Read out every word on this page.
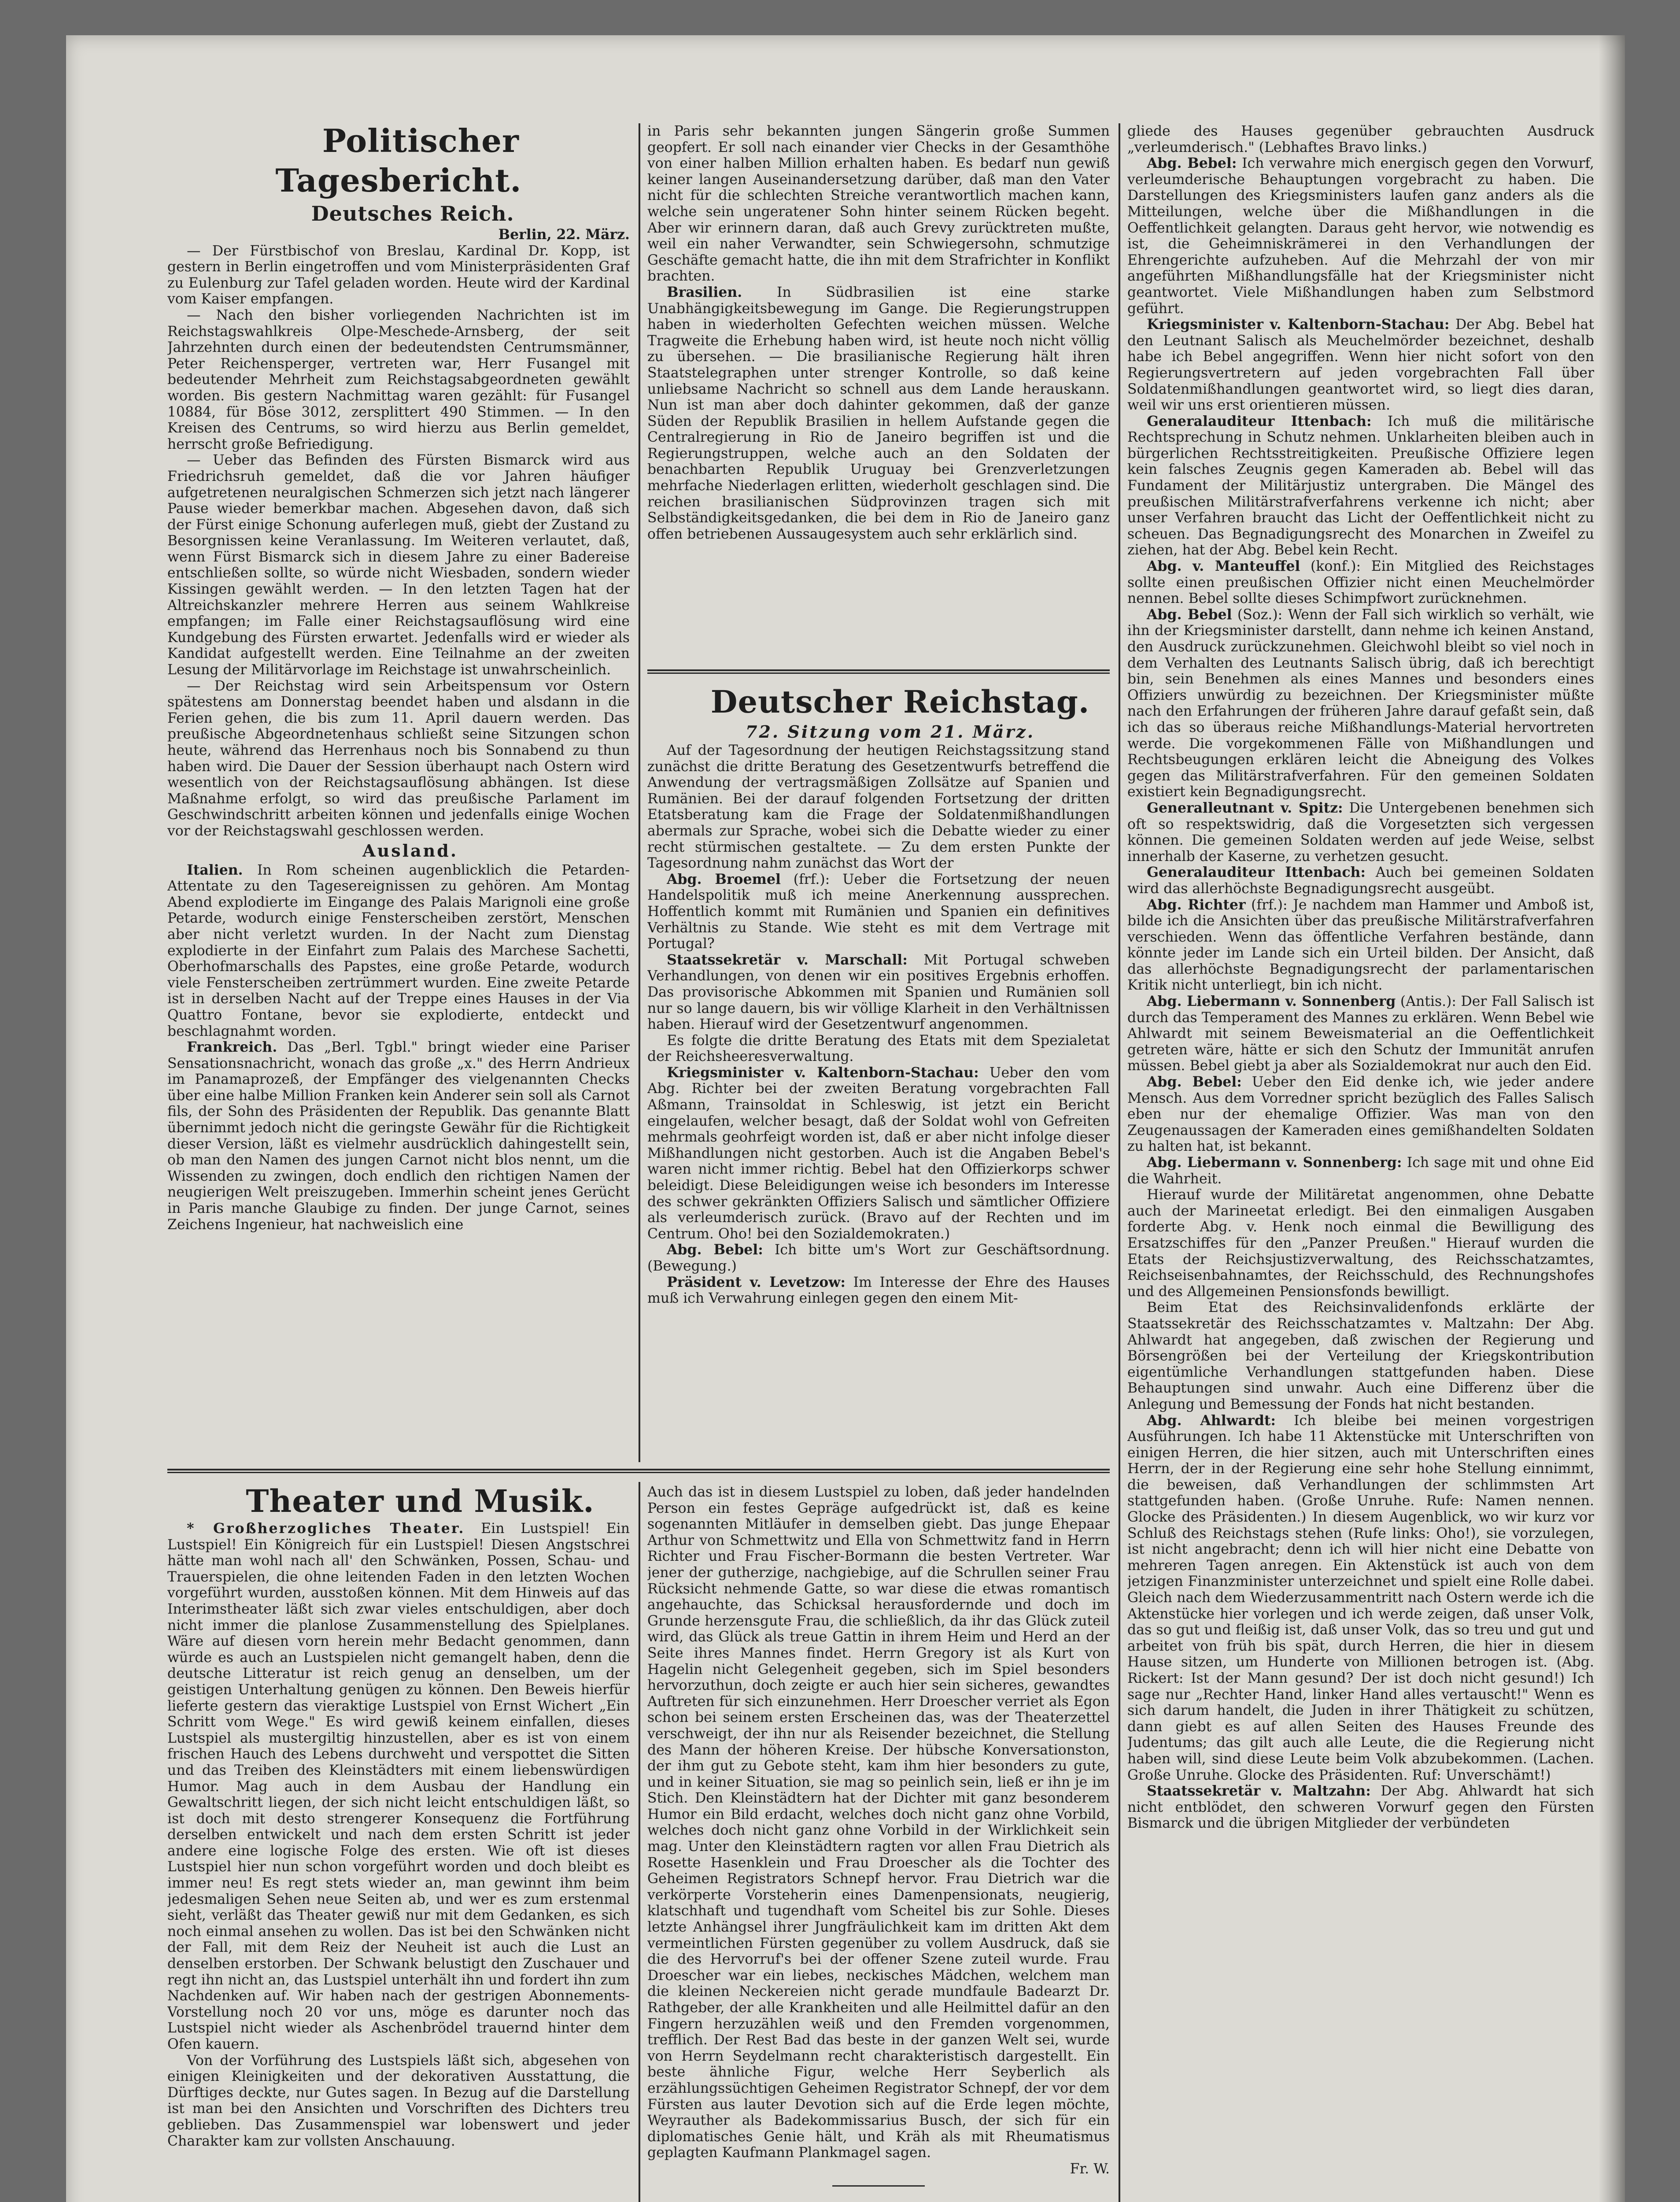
Politischer Tagesbericht.

Deutsches Reich.

Berlin, 22. März.

— Der Fürstbischof von Breslau, Kardinal Dr. Kopp, ist gestern in Berlin eingetroffen und vom Ministerpräsidenten Graf zu Eulenburg zur Tafel geladen worden. Heute wird der Kardinal vom Kaiser empfangen.

— Nach den bisher vorliegenden Nachrichten ist im Reichstagswahlkreis Olpe-Meschede-Arnsberg, der seit Jahrzehnten durch einen der bedeutendsten Centrumsmänner, Peter Reichensperger, vertreten war, Herr Fusangel mit bedeutender Mehrheit zum Reichstagsabgeordneten gewählt worden. Bis gestern Nachmittag waren gezählt: für Fusangel 10884, für Böse 3012, zersplittert 490 Stimmen. — In den Kreisen des Centrums, so wird hierzu aus Berlin gemeldet, herrscht große Befriedigung.

— Ueber das Befinden des Fürsten Bismarck wird aus Friedrichsruh gemeldet, daß die vor Jahren häufiger aufgetretenen neuralgischen Schmerzen sich jetzt nach längerer Pause wieder bemerkbar machen. Abgesehen davon, daß sich der Fürst einige Schonung auferlegen muß, giebt der Zustand zu Besorgnissen keine Veranlassung. Im Weiteren verlautet, daß, wenn Fürst Bismarck sich in diesem Jahre zu einer Badereise entschließen sollte, so würde nicht Wiesbaden, sondern wieder Kissingen gewählt werden. — In den letzten Tagen hat der Altreichskanzler mehrere Herren aus seinem Wahlkreise empfangen; im Falle einer Reichstagsauflösung wird eine Kundgebung des Fürsten erwartet. Jedenfalls wird er wieder als Kandidat aufgestellt werden. Eine Teilnahme an der zweiten Lesung der Militärvorlage im Reichstage ist unwahrscheinlich.

— Der Reichstag wird sein Arbeitspensum vor Ostern spätestens am Donnerstag beendet haben und alsdann in die Ferien gehen, die bis zum 11. April dauern werden. Das preußische Abgeordnetenhaus schließt seine Sitzungen schon heute, während das Herrenhaus noch bis Sonnabend zu thun haben wird. Die Dauer der Session überhaupt nach Ostern wird wesentlich von der Reichstagsauflösung abhängen. Ist diese Maßnahme erfolgt, so wird das preußische Parlament im Geschwindschritt arbeiten können und jedenfalls einige Wochen vor der Reichstagswahl geschlossen werden.

Ausland.

Italien. In Rom scheinen augenblicklich die Petarden-Attentate zu den Tagesereignissen zu gehören. Am Montag Abend explodierte im Eingange des Palais Marignoli eine große Petarde, wodurch einige Fensterscheiben zerstört, Menschen aber nicht verletzt wurden. In der Nacht zum Dienstag explodierte in der Einfahrt zum Palais des Marchese Sachetti, Oberhofmarschalls des Papstes, eine große Petarde, wodurch viele Fensterscheiben zertrümmert wurden. Eine zweite Petarde ist in derselben Nacht auf der Treppe eines Hauses in der Via Quattro Fontane, bevor sie explodierte, entdeckt und beschlagnahmt worden.

Frankreich. Das „Berl. Tgbl." bringt wieder eine Pariser Sensationsnachricht, wonach das große „x." des Herrn Andrieux im Panamaprozeß, der Empfänger des vielgenannten Checks über eine halbe Million Franken kein Anderer sein soll als Carnot fils, der Sohn des Präsidenten der Republik. Das genannte Blatt übernimmt jedoch nicht die geringste Gewähr für die Richtigkeit dieser Version, läßt es vielmehr ausdrücklich dahingestellt sein, ob man den Namen des jungen Carnot nicht blos nennt, um die Wissenden zu zwingen, doch endlich den richtigen Namen der neugierigen Welt preiszugeben. Immerhin scheint jenes Gerücht in Paris manche Glaubige zu finden. Der junge Carnot, seines Zeichens Ingenieur, hat nachweislich eine

in Paris sehr bekannten jungen Sängerin große Summen geopfert. Er soll nach einander vier Checks in der Gesamthöhe von einer halben Million erhalten haben. Es bedarf nun gewiß keiner langen Auseinandersetzung darüber, daß man den Vater nicht für die schlechten Streiche verantwortlich machen kann, welche sein ungeratener Sohn hinter seinem Rücken begeht. Aber wir erinnern daran, daß auch Grevy zurücktreten mußte, weil ein naher Verwandter, sein Schwiegersohn, schmutzige Geschäfte gemacht hatte, die ihn mit dem Strafrichter in Konflikt brachten.

Brasilien. In Südbrasilien ist eine starke Unabhängigkeitsbewegung im Gange. Die Regierungstruppen haben in wiederholten Gefechten weichen müssen. Welche Tragweite die Erhebung haben wird, ist heute noch nicht völlig zu übersehen. — Die brasilianische Regierung hält ihren Staatstelegraphen unter strenger Kontrolle, so daß keine unliebsame Nachricht so schnell aus dem Lande herauskann. Nun ist man aber doch dahinter gekommen, daß der ganze Süden der Republik Brasilien in hellem Aufstande gegen die Centralregierung in Rio de Janeiro begriffen ist und die Regierungstruppen, welche auch an den Soldaten der benachbarten Republik Uruguay bei Grenzverletzungen mehrfache Niederlagen erlitten, wiederholt geschlagen sind. Die reichen brasilianischen Südprovinzen tragen sich mit Selbständigkeitsgedanken, die bei dem in Rio de Janeiro ganz offen betriebenen Aussaugesystem auch sehr erklärlich sind.

Deutscher Reichstag.

72. Sitzung vom 21. März.

Auf der Tagesordnung der heutigen Reichstagssitzung stand zunächst die dritte Beratung des Gesetzentwurfs betreffend die Anwendung der vertragsmäßigen Zollsätze auf Spanien und Rumänien. Bei der darauf folgenden Fortsetzung der dritten Etatsberatung kam die Frage der Soldatenmißhandlungen abermals zur Sprache, wobei sich die Debatte wieder zu einer recht stürmischen gestaltete. — Zu dem ersten Punkte der Tagesordnung nahm zunächst das Wort der

Abg. Broemel (frf.): Ueber die Fortsetzung der neuen Handelspolitik muß ich meine Anerkennung aussprechen. Hoffentlich kommt mit Rumänien und Spanien ein definitives Verhältnis zu Stande. Wie steht es mit dem Vertrage mit Portugal?

Staatssekretär v. Marschall: Mit Portugal schweben Verhandlungen, von denen wir ein positives Ergebnis erhoffen. Das provisorische Abkommen mit Spanien und Rumänien soll nur so lange dauern, bis wir völlige Klarheit in den Verhältnissen haben. Hierauf wird der Gesetzentwurf angenommen.

Es folgte die dritte Beratung des Etats mit dem Spezialetat der Reichsheeresverwaltung.

Kriegsminister v. Kaltenborn-Stachau: Ueber den vom Abg. Richter bei der zweiten Beratung vorgebrachten Fall Aßmann, Trainsoldat in Schleswig, ist jetzt ein Bericht eingelaufen, welcher besagt, daß der Soldat wohl von Gefreiten mehrmals geohrfeigt worden ist, daß er aber nicht infolge dieser Mißhandlungen nicht gestorben. Auch ist die Angaben Bebel's waren nicht immer richtig. Bebel hat den Offizierkorps schwer beleidigt. Diese Beleidigungen weise ich besonders im Interesse des schwer gekränkten Offiziers Salisch und sämtlicher Offiziere als verleumderisch zurück. (Bravo auf der Rechten und im Centrum. Oho! bei den Sozialdemokraten.)

Abg. Bebel: Ich bitte um's Wort zur Geschäftsordnung. (Bewegung.)

Präsident v. Levetzow: Im Interesse der Ehre des Hauses muß ich Verwahrung einlegen gegen den einem Mit-

gliede des Hauses gegenüber gebrauchten Ausdruck „verleumderisch." (Lebhaftes Bravo links.)

Abg. Bebel: Ich verwahre mich energisch gegen den Vorwurf, verleumderische Behauptungen vorgebracht zu haben. Die Darstellungen des Kriegsministers laufen ganz anders als die Mitteilungen, welche über die Mißhandlungen in die Oeffentlichkeit gelangten. Daraus geht hervor, wie notwendig es ist, die Geheimniskrämerei in den Verhandlungen der Ehrengerichte aufzuheben. Auf die Mehrzahl der von mir angeführten Mißhandlungsfälle hat der Kriegsminister nicht geantwortet. Viele Mißhandlungen haben zum Selbstmord geführt.

Kriegsminister v. Kaltenborn-Stachau: Der Abg. Bebel hat den Leutnant Salisch als Meuchelmörder bezeichnet, deshalb habe ich Bebel angegriffen. Wenn hier nicht sofort von den Regierungsvertretern auf jeden vorgebrachten Fall über Soldatenmißhandlungen geantwortet wird, so liegt dies daran, weil wir uns erst orientieren müssen.

Generalauditeur Ittenbach: Ich muß die militärische Rechtsprechung in Schutz nehmen. Unklarheiten bleiben auch in bürgerlichen Rechtsstreitigkeiten. Preußische Offiziere legen kein falsches Zeugnis gegen Kameraden ab. Bebel will das Fundament der Militärjustiz untergraben. Die Mängel des preußischen Militärstrafverfahrens verkenne ich nicht; aber unser Verfahren braucht das Licht der Oeffentlichkeit nicht zu scheuen. Das Begnadigungsrecht des Monarchen in Zweifel zu ziehen, hat der Abg. Bebel kein Recht.

Abg. v. Manteuffel (konf.): Ein Mitglied des Reichstages sollte einen preußischen Offizier nicht einen Meuchelmörder nennen. Bebel sollte dieses Schimpfwort zurücknehmen.

Abg. Bebel (Soz.): Wenn der Fall sich wirklich so verhält, wie ihn der Kriegsminister darstellt, dann nehme ich keinen Anstand, den Ausdruck zurückzunehmen. Gleichwohl bleibt so viel noch in dem Verhalten des Leutnants Salisch übrig, daß ich berechtigt bin, sein Benehmen als eines Mannes und besonders eines Offiziers unwürdig zu bezeichnen. Der Kriegsminister müßte nach den Erfahrungen der früheren Jahre darauf gefaßt sein, daß ich das so überaus reiche Mißhandlungs-Material hervortreten werde. Die vorgekommenen Fälle von Mißhandlungen und Rechtsbeugungen erklären leicht die Abneigung des Volkes gegen das Militärstrafverfahren. Für den gemeinen Soldaten existiert kein Begnadigungsrecht.

Generalleutnant v. Spitz: Die Untergebenen benehmen sich oft so respektswidrig, daß die Vorgesetzten sich vergessen können. Die gemeinen Soldaten werden auf jede Weise, selbst innerhalb der Kaserne, zu verhetzen gesucht.

Generalauditeur Ittenbach: Auch bei gemeinen Soldaten wird das allerhöchste Begnadigungsrecht ausgeübt.

Abg. Richter (frf.): Je nachdem man Hammer und Amboß ist, bilde ich die Ansichten über das preußische Militärstrafverfahren verschieden. Wenn das öffentliche Verfahren bestände, dann könnte jeder im Lande sich ein Urteil bilden. Der Ansicht, daß das allerhöchste Begnadigungsrecht der parlamentarischen Kritik nicht unterliegt, bin ich nicht.

Abg. Liebermann v. Sonnenberg (Antis.): Der Fall Salisch ist durch das Temperament des Mannes zu erklären. Wenn Bebel wie Ahlwardt mit seinem Beweismaterial an die Oeffentlichkeit getreten wäre, hätte er sich den Schutz der Immunität anrufen müssen. Bebel giebt ja aber als Sozialdemokrat nur auch den Eid.

Abg. Bebel: Ueber den Eid denke ich, wie jeder andere Mensch. Aus dem Vorredner spricht bezüglich des Falles Salisch eben nur der ehemalige Offizier. Was man von den Zeugenaussagen der Kameraden eines gemißhandelten Soldaten zu halten hat, ist bekannt.

Abg. Liebermann v. Sonnenberg: Ich sage mit und ohne Eid die Wahrheit.

Hierauf wurde der Militäretat angenommen, ohne Debatte auch der Marineetat erledigt. Bei den einmaligen Ausgaben forderte Abg. v. Henk noch einmal die Bewilligung des Ersatzschiffes für den „Panzer Preußen." Hierauf wurden die Etats der Reichsjustizverwaltung, des Reichsschatzamtes, Reichseisenbahnamtes, der Reichsschuld, des Rechnungshofes und des Allgemeinen Pensionsfonds bewilligt.

Beim Etat des Reichsinvalidenfonds erklärte der Staatssekretär des Reichsschatzamtes v. Maltzahn: Der Abg. Ahlwardt hat angegeben, daß zwischen der Regierung und Börsengrößen bei der Verteilung der Kriegskontribution eigentümliche Verhandlungen stattgefunden haben. Diese Behauptungen sind unwahr. Auch eine Differenz über die Anlegung und Bemessung der Fonds hat nicht bestanden.

Abg. Ahlwardt: Ich bleibe bei meinen vorgestrigen Ausführungen. Ich habe 11 Aktenstücke mit Unterschriften von einigen Herren, die hier sitzen, auch mit Unterschriften eines Herrn, der in der Regierung eine sehr hohe Stellung einnimmt, die beweisen, daß Verhandlungen der schlimmsten Art stattgefunden haben. (Große Unruhe. Rufe: Namen nennen. Glocke des Präsidenten.) In diesem Augenblick, wo wir kurz vor Schluß des Reichstags stehen (Rufe links: Oho!), sie vorzulegen, ist nicht angebracht; denn ich will hier nicht eine Debatte von mehreren Tagen anregen. Ein Aktenstück ist auch von dem jetzigen Finanzminister unterzeichnet und spielt eine Rolle dabei. Gleich nach dem Wiederzusammentritt nach Ostern werde ich die Aktenstücke hier vorlegen und ich werde zeigen, daß unser Volk, das so gut und fleißig ist, daß unser Volk, das so treu und gut und arbeitet von früh bis spät, durch Herren, die hier in diesem Hause sitzen, um Hunderte von Millionen betrogen ist. (Abg. Rickert: Ist der Mann gesund? Der ist doch nicht gesund!) Ich sage nur „Rechter Hand, linker Hand alles vertauscht!" Wenn es sich darum handelt, die Juden in ihrer Thätigkeit zu schützen, dann giebt es auf allen Seiten des Hauses Freunde des Judentums; das gilt auch alle Leute, die die Regierung nicht haben will, sind diese Leute beim Volk abzubekommen. (Lachen. Große Unruhe. Glocke des Präsidenten. Ruf: Unverschämt!)

Staatssekretär v. Maltzahn: Der Abg. Ahlwardt hat sich nicht entblödet, den schweren Vorwurf gegen den Fürsten Bismarck und die übrigen Mitglieder der verbündeten

Theater und Musik.

* Großherzogliches Theater. Ein Lustspiel! Ein Lustspiel! Ein Königreich für ein Lustspiel! Diesen Angstschrei hätte man wohl nach all' den Schwänken, Possen, Schau- und Trauerspielen, die ohne leitenden Faden in den letzten Wochen vorgeführt wurden, ausstoßen können. Mit dem Hinweis auf das Interimstheater läßt sich zwar vieles entschuldigen, aber doch nicht immer die planlose Zusammenstellung des Spielplanes. Wäre auf diesen vorn herein mehr Bedacht genommen, dann würde es auch an Lustspielen nicht gemangelt haben, denn die deutsche Litteratur ist reich genug an denselben, um der geistigen Unterhaltung genügen zu können. Den Beweis hierfür lieferte gestern das vieraktige Lustspiel von Ernst Wichert „Ein Schritt vom Wege." Es wird gewiß keinem einfallen, dieses Lustspiel als mustergiltig hinzustellen, aber es ist von einem frischen Hauch des Lebens durchweht und verspottet die Sitten und das Treiben des Kleinstädters mit einem liebenswürdigen Humor. Mag auch in dem Ausbau der Handlung ein Gewaltschritt liegen, der sich nicht leicht entschuldigen läßt, so ist doch mit desto strengerer Konsequenz die Fortführung derselben entwickelt und nach dem ersten Schritt ist jeder andere eine logische Folge des ersten. Wie oft ist dieses Lustspiel hier nun schon vorgeführt worden und doch bleibt es immer neu! Es regt stets wieder an, man gewinnt ihm beim jedesmaligen Sehen neue Seiten ab, und wer es zum erstenmal sieht, verläßt das Theater gewiß nur mit dem Gedanken, es sich noch einmal ansehen zu wollen. Das ist bei den Schwänken nicht der Fall, mit dem Reiz der Neuheit ist auch die Lust an denselben erstorben. Der Schwank belustigt den Zuschauer und regt ihn nicht an, das Lustspiel unterhält ihn und fordert ihn zum Nachdenken auf. Wir haben nach der gestrigen Abonnements-Vorstellung noch 20 vor uns, möge es darunter noch das Lustspiel nicht wieder als Aschenbrödel trauernd hinter dem Ofen kauern.

Von der Vorführung des Lustspiels läßt sich, abgesehen von einigen Kleinigkeiten und der dekorativen Ausstattung, die Dürftiges deckte, nur Gutes sagen. In Bezug auf die Darstellung ist man bei den Ansichten und Vorschriften des Dichters treu geblieben. Das Zusammenspiel war lobenswert und jeder Charakter kam zur vollsten Anschauung.

Auch das ist in diesem Lustspiel zu loben, daß jeder handelnden Person ein festes Gepräge aufgedrückt ist, daß es keine sogenannten Mitläufer in demselben giebt. Das junge Ehepaar Arthur von Schmettwitz und Ella von Schmettwitz fand in Herrn Richter und Frau Fischer-Bormann die besten Vertreter. War jener der gutherzige, nachgiebige, auf die Schrullen seiner Frau Rücksicht nehmende Gatte, so war diese die etwas romantisch angehauchte, das Schicksal herausfordernde und doch im Grunde herzensgute Frau, die schließlich, da ihr das Glück zuteil wird, das Glück als treue Gattin in ihrem Heim und Herd an der Seite ihres Mannes findet. Herrn Gregory ist als Kurt von Hagelin nicht Gelegenheit gegeben, sich im Spiel besonders hervorzuthun, doch zeigte er auch hier sein sicheres, gewandtes Auftreten für sich einzunehmen. Herr Droescher verriet als Egon schon bei seinem ersten Erscheinen das, was der Theaterzettel verschweigt, der ihn nur als Reisender bezeichnet, die Stellung des Mann der höheren Kreise. Der hübsche Konversationston, der ihm gut zu Gebote steht, kam ihm hier besonders zu gute, und in keiner Situation, sie mag so peinlich sein, ließ er ihn je im Stich. Den Kleinstädtern hat der Dichter mit ganz besonderem Humor ein Bild erdacht, welches doch nicht ganz ohne Vorbild, welches doch nicht ganz ohne Vorbild in der Wirklichkeit sein mag. Unter den Kleinstädtern ragten vor allen Frau Dietrich als Rosette Hasenklein und Frau Droescher als die Tochter des Geheimen Registrators Schnepf hervor. Frau Dietrich war die verkörperte Vorsteherin eines Damenpensionats, neugierig, klatschhaft und tugendhaft vom Scheitel bis zur Sohle. Dieses letzte Anhängsel ihrer Jungfräulichkeit kam im dritten Akt dem vermeintlichen Fürsten gegenüber zu vollem Ausdruck, daß sie die des Hervorruf's bei der offener Szene zuteil wurde. Frau Droescher war ein liebes, neckisches Mädchen, welchem man die kleinen Neckereien nicht gerade mundfaule Badearzt Dr. Rathgeber, der alle Krankheiten und alle Heilmittel dafür an den Fingern herzuzählen weiß und den Fremden vorgenommen, trefflich. Der Rest Bad das beste in der ganzen Welt sei, wurde von Herrn Seydelmann recht charakteristisch dargestellt. Ein beste ähnliche Figur, welche Herr Seyberlich als erzählungssüchtigen Geheimen Registrator Schnepf, der vor dem Fürsten aus lauter Devotion sich auf die Erde legen möchte, Weyrauther als Badekommissarius Busch, der sich für ein diplomatisches Genie hält, und Kräh als mit Rheumatismus geplagten Kaufmann Plankmagel sagen.

Fr. W.
